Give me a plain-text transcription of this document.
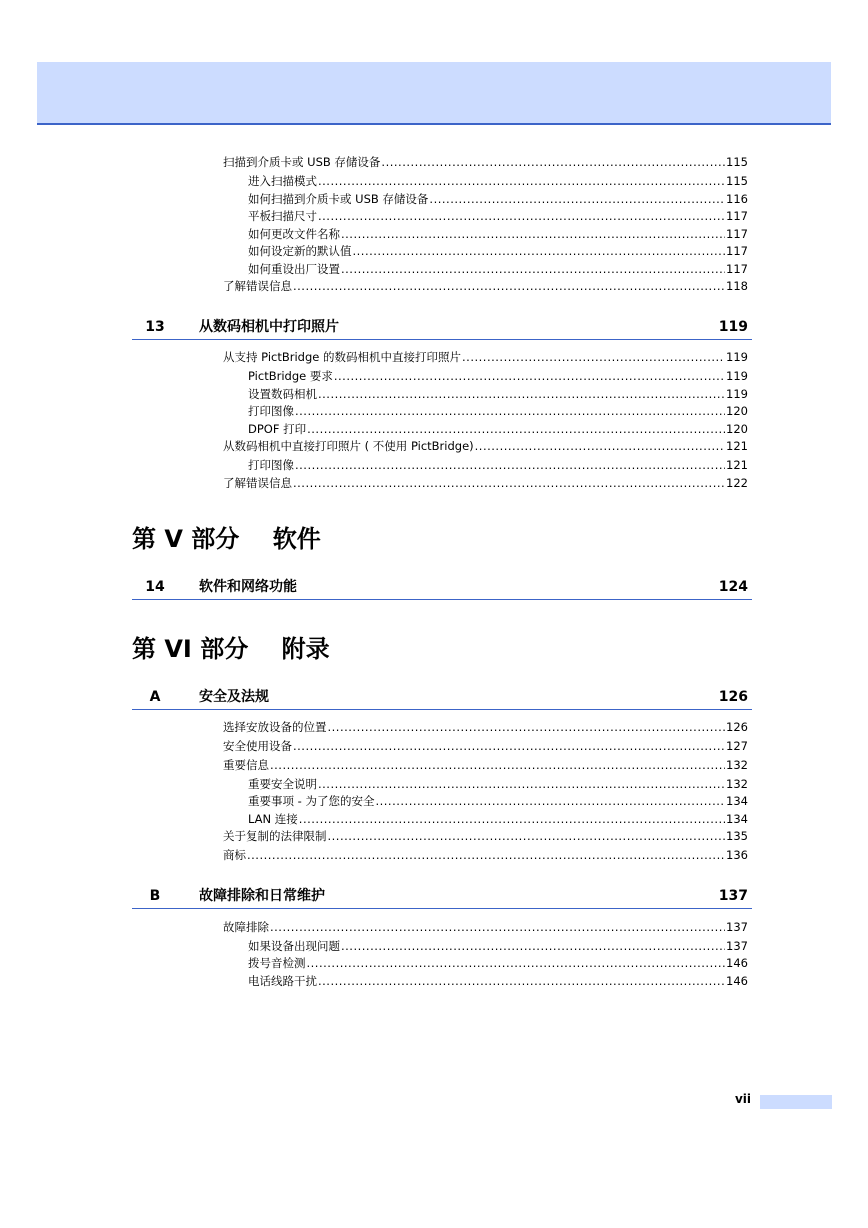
扫描到介质卡或 USB 存储设备 .....	115
进入扫描模式 .....	115
如何扫描到介质卡或 USB 存储设备 .....	116
平板扫描尺寸 .....	117
如何更改文件名称 .....	117
如何设定新的默认值 .....	117
如何重设出厂设置 .....	117
了解错误信息 .....	118
13	从数码相机中打印照片	119
从支持 PictBridge 的数码相机中直接打印照片 .....	119
PictBridge 要求 .....	119
设置数码相机 .....	119
打印图像 .....	120
DPOF 打印 .....	120
从数码相机中直接打印照片 ( 不使用 PictBridge) .....	121
打印图像 .....	121
了解错误信息 .....	122
第 V 部分    软件
14	软件和网络功能	124
第 VI 部分    附录
A	安全及法规	126
选择安放设备的位置 .....	126
安全使用设备 .....	127
重要信息 .....	132
重要安全说明 .....	132
重要事项 - 为了您的安全 .....	134
LAN 连接 .....	134
关于复制的法律限制 .....	135
商标 .....	136
B	故障排除和日常维护	137
故障排除 .....	137
如果设备出现问题 .....	137
拨号音检测 .....	146
电话线路干扰 .....	146
vii
